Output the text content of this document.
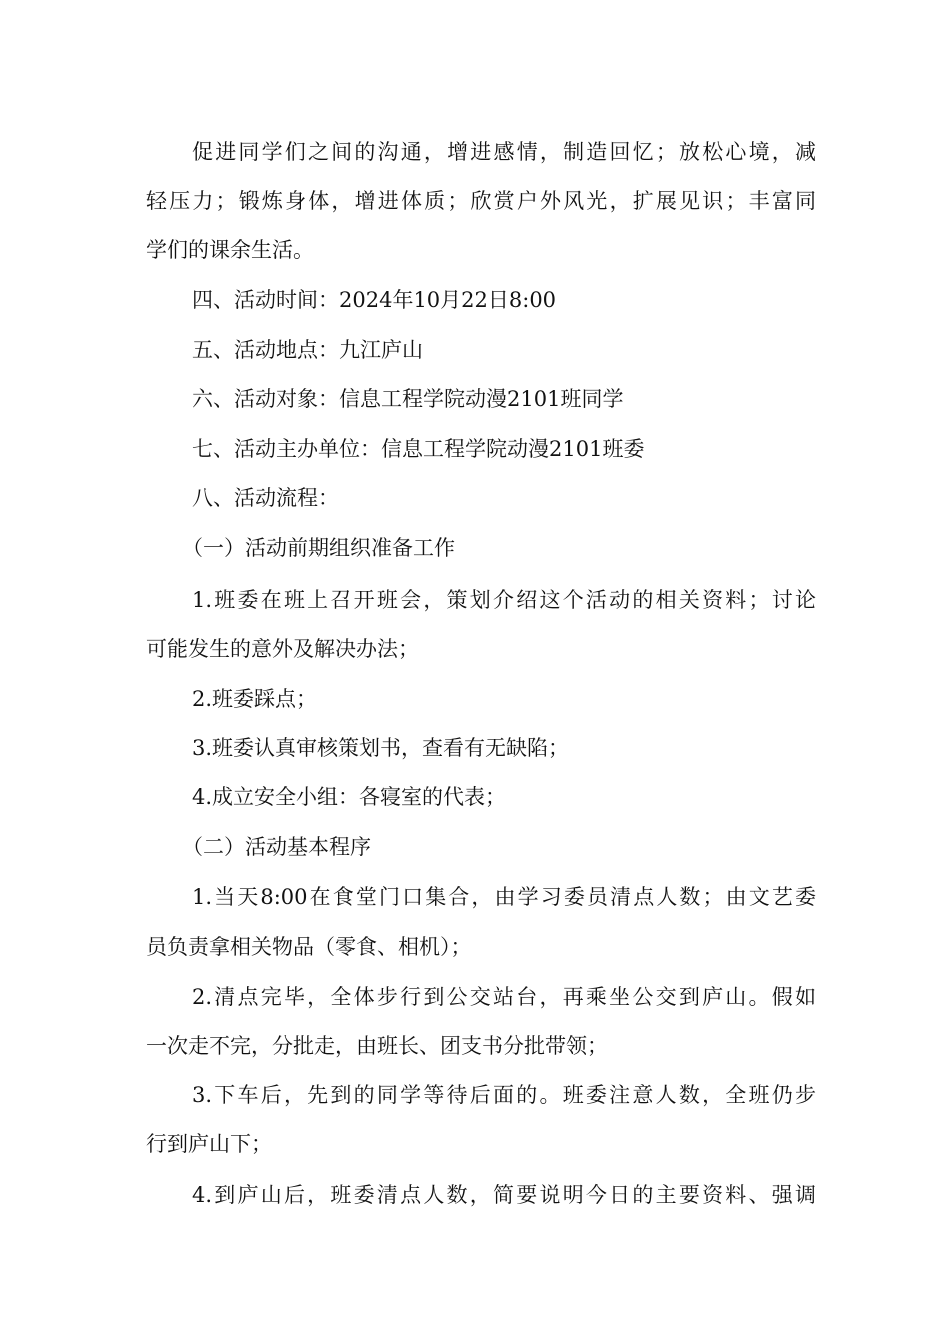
促进同学们之间的沟通，增进感情，制造回忆；放松心境，减
轻压力；锻炼身体，增进体质；欣赏户外风光，扩展见识；丰富同
学们的课余生活。
四、活动时间：2024年10月22日8:00
五、活动地点：九江庐山
六、活动对象：信息工程学院动漫2101班同学
七、活动主办单位：信息工程学院动漫2101班委
八、活动流程：
（一）活动前期组织准备工作
1.班委在班上召开班会，策划介绍这个活动的相关资料；讨论
可能发生的意外及解决办法；
2.班委踩点；
3.班委认真审核策划书，查看有无缺陷；
4.成立安全小组：各寝室的代表；
（二）活动基本程序
1.当天8:00在食堂门口集合，由学习委员清点人数；由文艺委
员负责拿相关物品（零食、相机）；
2.清点完毕，全体步行到公交站台，再乘坐公交到庐山。假如
一次走不完，分批走，由班长、团支书分批带领；
3.下车后，先到的同学等待后面的。班委注意人数，全班仍步
行到庐山下；
4.到庐山后，班委清点人数，简要说明今日的主要资料、强调
